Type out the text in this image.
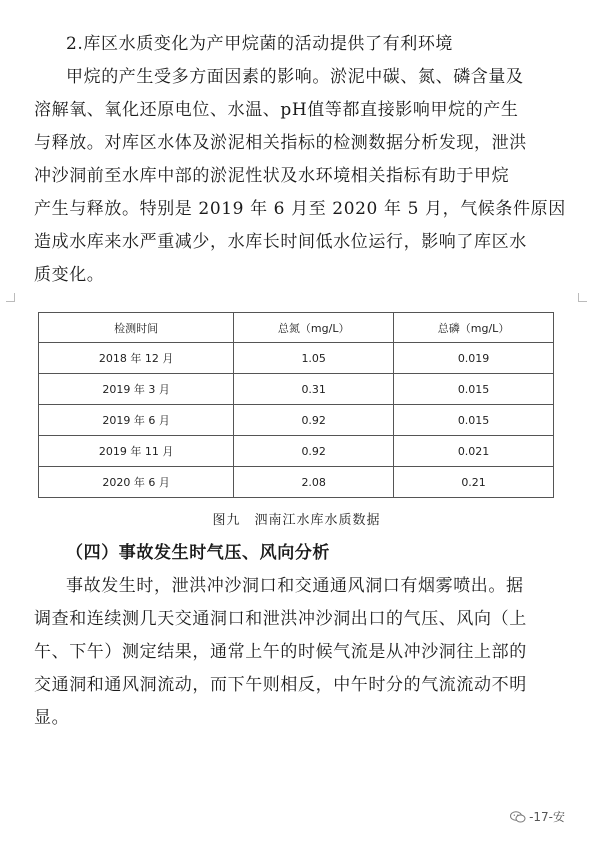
2.库区水质变化为产甲烷菌的活动提供了有利环境
甲烷的产生受多方面因素的影响。淤泥中碳、氮、磷含量及
溶解氧、氧化还原电位、水温、pH值等都直接影响甲烷的产生
与释放。对库区水体及淤泥相关指标的检测数据分析发现，泄洪
冲沙洞前至水库中部的淤泥性状及水环境相关指标有助于甲烷
产生与释放。特别是 2019 年 6 月至 2020 年 5 月，气候条件原因
造成水库来水严重减少，水库长时间低水位运行，影响了库区水
质变化。
检测时间	总氮（mg/L）	总磷（mg/L）
2018 年 12 月	1.05	0.019
2019 年 3 月	0.31	0.015
2019 年 6 月	0.92	0.015
2019 年 11 月	0.92	0.021
2020 年 6 月	2.08	0.21
图九　泗南江水库水质数据
（四）事故发生时气压、风向分析
事故发生时，泄洪冲沙洞口和交通通风洞口有烟雾喷出。据
调查和连续测几天交通洞口和泄洪冲沙洞出口的气压、风向（上
午、下午）测定结果，通常上午的时候气流是从冲沙洞往上部的
交通洞和通风洞流动，而下午则相反，中午时分的气流流动不明
显。
-17-安
